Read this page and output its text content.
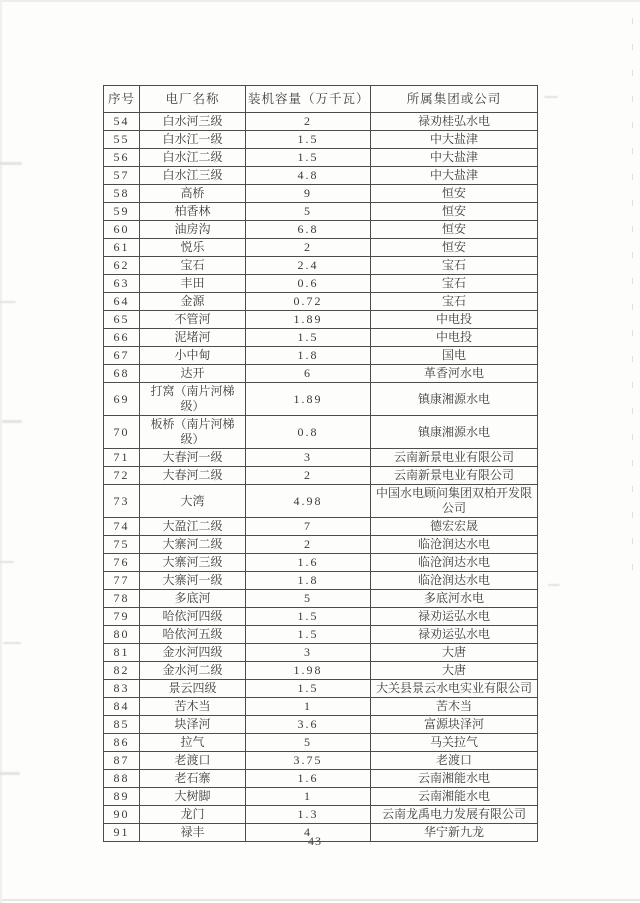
序号	电厂名称	装机容量（万千瓦）	所属集团或公司
54	白水河三级	2	禄劝桂弘水电
55	白水江一级	1.5	中大盐津
56	白水江二级	1.5	中大盐津
57	白水江三级	4.8	中大盐津
58	高桥	9	恒安
59	柏香林	5	恒安
60	油房沟	6.8	恒安
61	悦乐	2	恒安
62	宝石	2.4	宝石
63	丰田	0.6	宝石
64	金源	0.72	宝石
65	不管河	1.89	中电投
66	泥堵河	1.5	中电投
67	小中甸	1.8	国电
68	达开	6	革香河水电
69	打窝（南片河梯级）	1.89	镇康湘源水电
70	板桥（南片河梯级）	0.8	镇康湘源水电
71	大春河一级	3	云南新景电业有限公司
72	大春河二级	2	云南新景电业有限公司
73	大湾	4.98	中国水电顾问集团双柏开发限公司
74	大盈江二级	7	德宏宏晟
75	大寨河二级	2	临沧润达水电
76	大寨河三级	1.6	临沧润达水电
77	大寨河一级	1.8	临沧润达水电
78	多底河	5	多底河水电
79	哈依河四级	1.5	禄劝运弘水电
80	哈依河五级	1.5	禄劝运弘水电
81	金水河四级	3	大唐
82	金水河二级	1.98	大唐
83	景云四级	1.5	大关县景云水电实业有限公司
84	苦木当	1	苦木当
85	块泽河	3.6	富源块泽河
86	拉气	5	马关拉气
87	老渡口	3.75	老渡口
88	老石寨	1.6	云南湘能水电
89	大树脚	1	云南湘能水电
90	龙门	1.3	云南龙禹电力发展有限公司
91	禄丰	4	华宁新九龙
43
